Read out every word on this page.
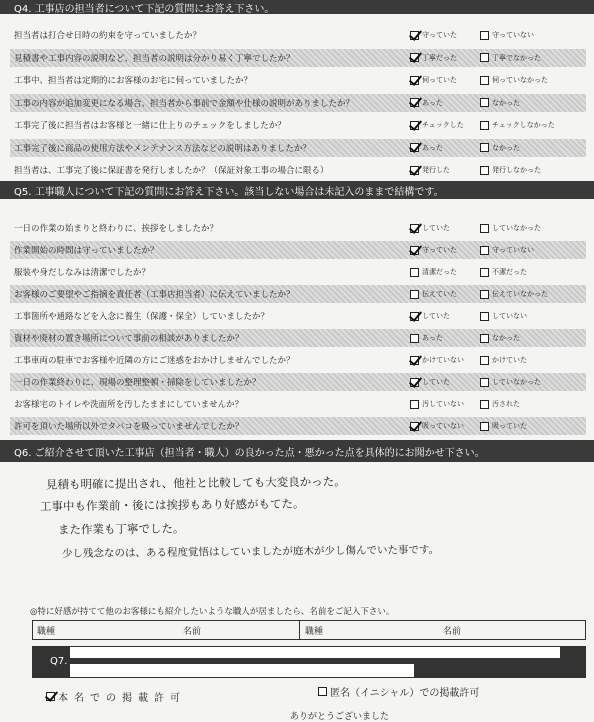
Q4. 工事店の担当者について下記の質問にお答え下さい。
担当者は打合せ日時の約束を守っていましたか？	守っていた	守っていない
見積書や工事内容の説明など、担当者の説明は分かり易く丁寧でしたか？	丁寧だった	丁寧でなかった
工事中、担当者は定期的にお客様のお宅に伺っていましたか？	伺っていた	伺っていなかった
工事の内容が追加変更になる場合、担当者から事前で金額や仕様の説明がありましたか？	あった	なかった
工事完了後に担当者はお客様と一緒に仕上りのチェックをしましたか？	チェックした	チェックしなかった
工事完了後に商品の使用方法やメンテナンス方法などの説明はありましたか？	あった	なかった
担当者は、工事完了後に保証書を発行しましたか？（保証対象工事の場合に限る）	発行した	発行しなかった
Q5. 工事職人について下記の質問にお答え下さい。該当しない場合は未記入のままで結構です。
一日の作業の始まりと終わりに、挨拶をしましたか？	していた	していなかった
作業開始の時間は守っていましたか？	守っていた	守っていない
服装や身だしなみは清潔でしたか？	清潔だった	不潔だった
お客様のご要望やご指摘を責任者（工事店担当者）に伝えていましたか？	伝えていた	伝えていなかった
工事箇所や通路などを入念に養生（保護・保全）していましたか？	していた	していない
資材や廃材の置き場所について事前の相談がありましたか？	あった	なかった
工事車両の駐車でお客様や近隣の方にご迷惑をおかけしませんでしたか？	かけていない	かけていた
一日の作業終わりに、現場の整理整頓・掃除をしていましたか？	していた	していなかった
お客様宅のトイレや洗面所を汚したままにしていませんか？	汚していない	汚された
許可を頂いた場所以外でタバコを吸っていませんでしたか？	吸っていない	吸っていた
Q6. ご紹介させて頂いた工事店（担当者・職人）の良かった点・悪かった点を具体的にお聞かせ下さい。
見積も明確に提出され、他社と比較しても大変良かった。
工事中も作業前・後には挨拶もあり好感がもてた。
また作業も丁寧でした。
少し残念なのは、ある程度覚悟はしていましたが庭木が少し傷んでいた事です。
◎特に好感が持てて他のお客様にも紹介したいような職人が居ましたら、名前をご記入下さい。
職種	名前	職種	名前
Q7.
本名での掲載許可	匿名（イニシャル）での掲載許可
ありがとうございました
